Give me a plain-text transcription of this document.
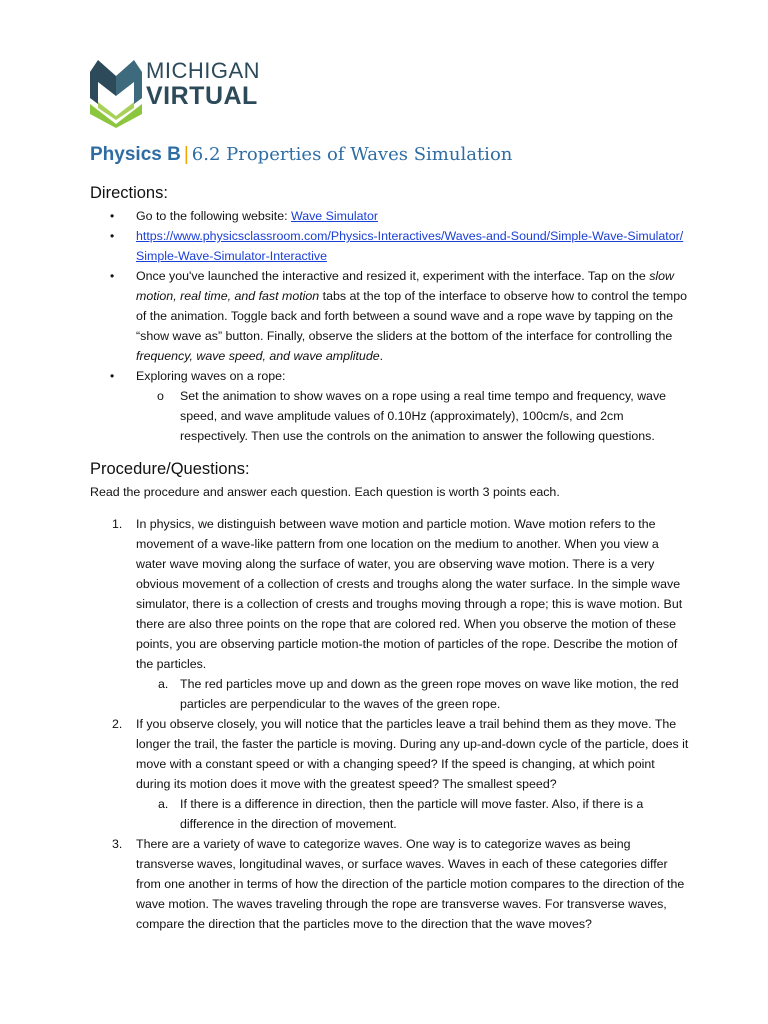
MICHIGAN
VIRTUAL
Physics B | 6.2 Properties of Waves Simulation
Directions:
• Go to the following website: Wave Simulator
• https://www.physicsclassroom.com/Physics-Interactives/Waves-and-Sound/Simple-Wave-Simulator/Simple-Wave-Simulator-Interactive
• Once you've launched the interactive and resized it, experiment with the interface. Tap on the slow motion, real time, and fast motion tabs at the top of the interface to observe how to control the tempo of the animation. Toggle back and forth between a sound wave and a rope wave by tapping on the “show wave as” button. Finally, observe the sliders at the bottom of the interface for controlling the frequency, wave speed, and wave amplitude.
• Exploring waves on a rope:
o Set the animation to show waves on a rope using a real time tempo and frequency, wave speed, and wave amplitude values of 0.10Hz (approximately), 100cm/s, and 2cm respectively. Then use the controls on the animation to answer the following questions.
Procedure/Questions:
Read the procedure and answer each question. Each question is worth 3 points each.
1. In physics, we distinguish between wave motion and particle motion. Wave motion refers to the movement of a wave-like pattern from one location on the medium to another. When you view a water wave moving along the surface of water, you are observing wave motion. There is a very obvious movement of a collection of crests and troughs along the water surface. In the simple wave simulator, there is a collection of crests and troughs moving through a rope; this is wave motion. But there are also three points on the rope that are colored red. When you observe the motion of these points, you are observing particle motion-the motion of particles of the rope. Describe the motion of the particles.
a. The red particles move up and down as the green rope moves on wave like motion, the red particles are perpendicular to the waves of the green rope.
2. If you observe closely, you will notice that the particles leave a trail behind them as they move. The longer the trail, the faster the particle is moving. During any up-and-down cycle of the particle, does it move with a constant speed or with a changing speed? If the speed is changing, at which point during its motion does it move with the greatest speed? The smallest speed?
a. If there is a difference in direction, then the particle will move faster. Also, if there is a difference in the direction of movement.
3. There are a variety of wave to categorize waves. One way is to categorize waves as being transverse waves, longitudinal waves, or surface waves. Waves in each of these categories differ from one another in terms of how the direction of the particle motion compares to the direction of the wave motion. The waves traveling through the rope are transverse waves. For transverse waves, compare the direction that the particles move to the direction that the wave moves?
